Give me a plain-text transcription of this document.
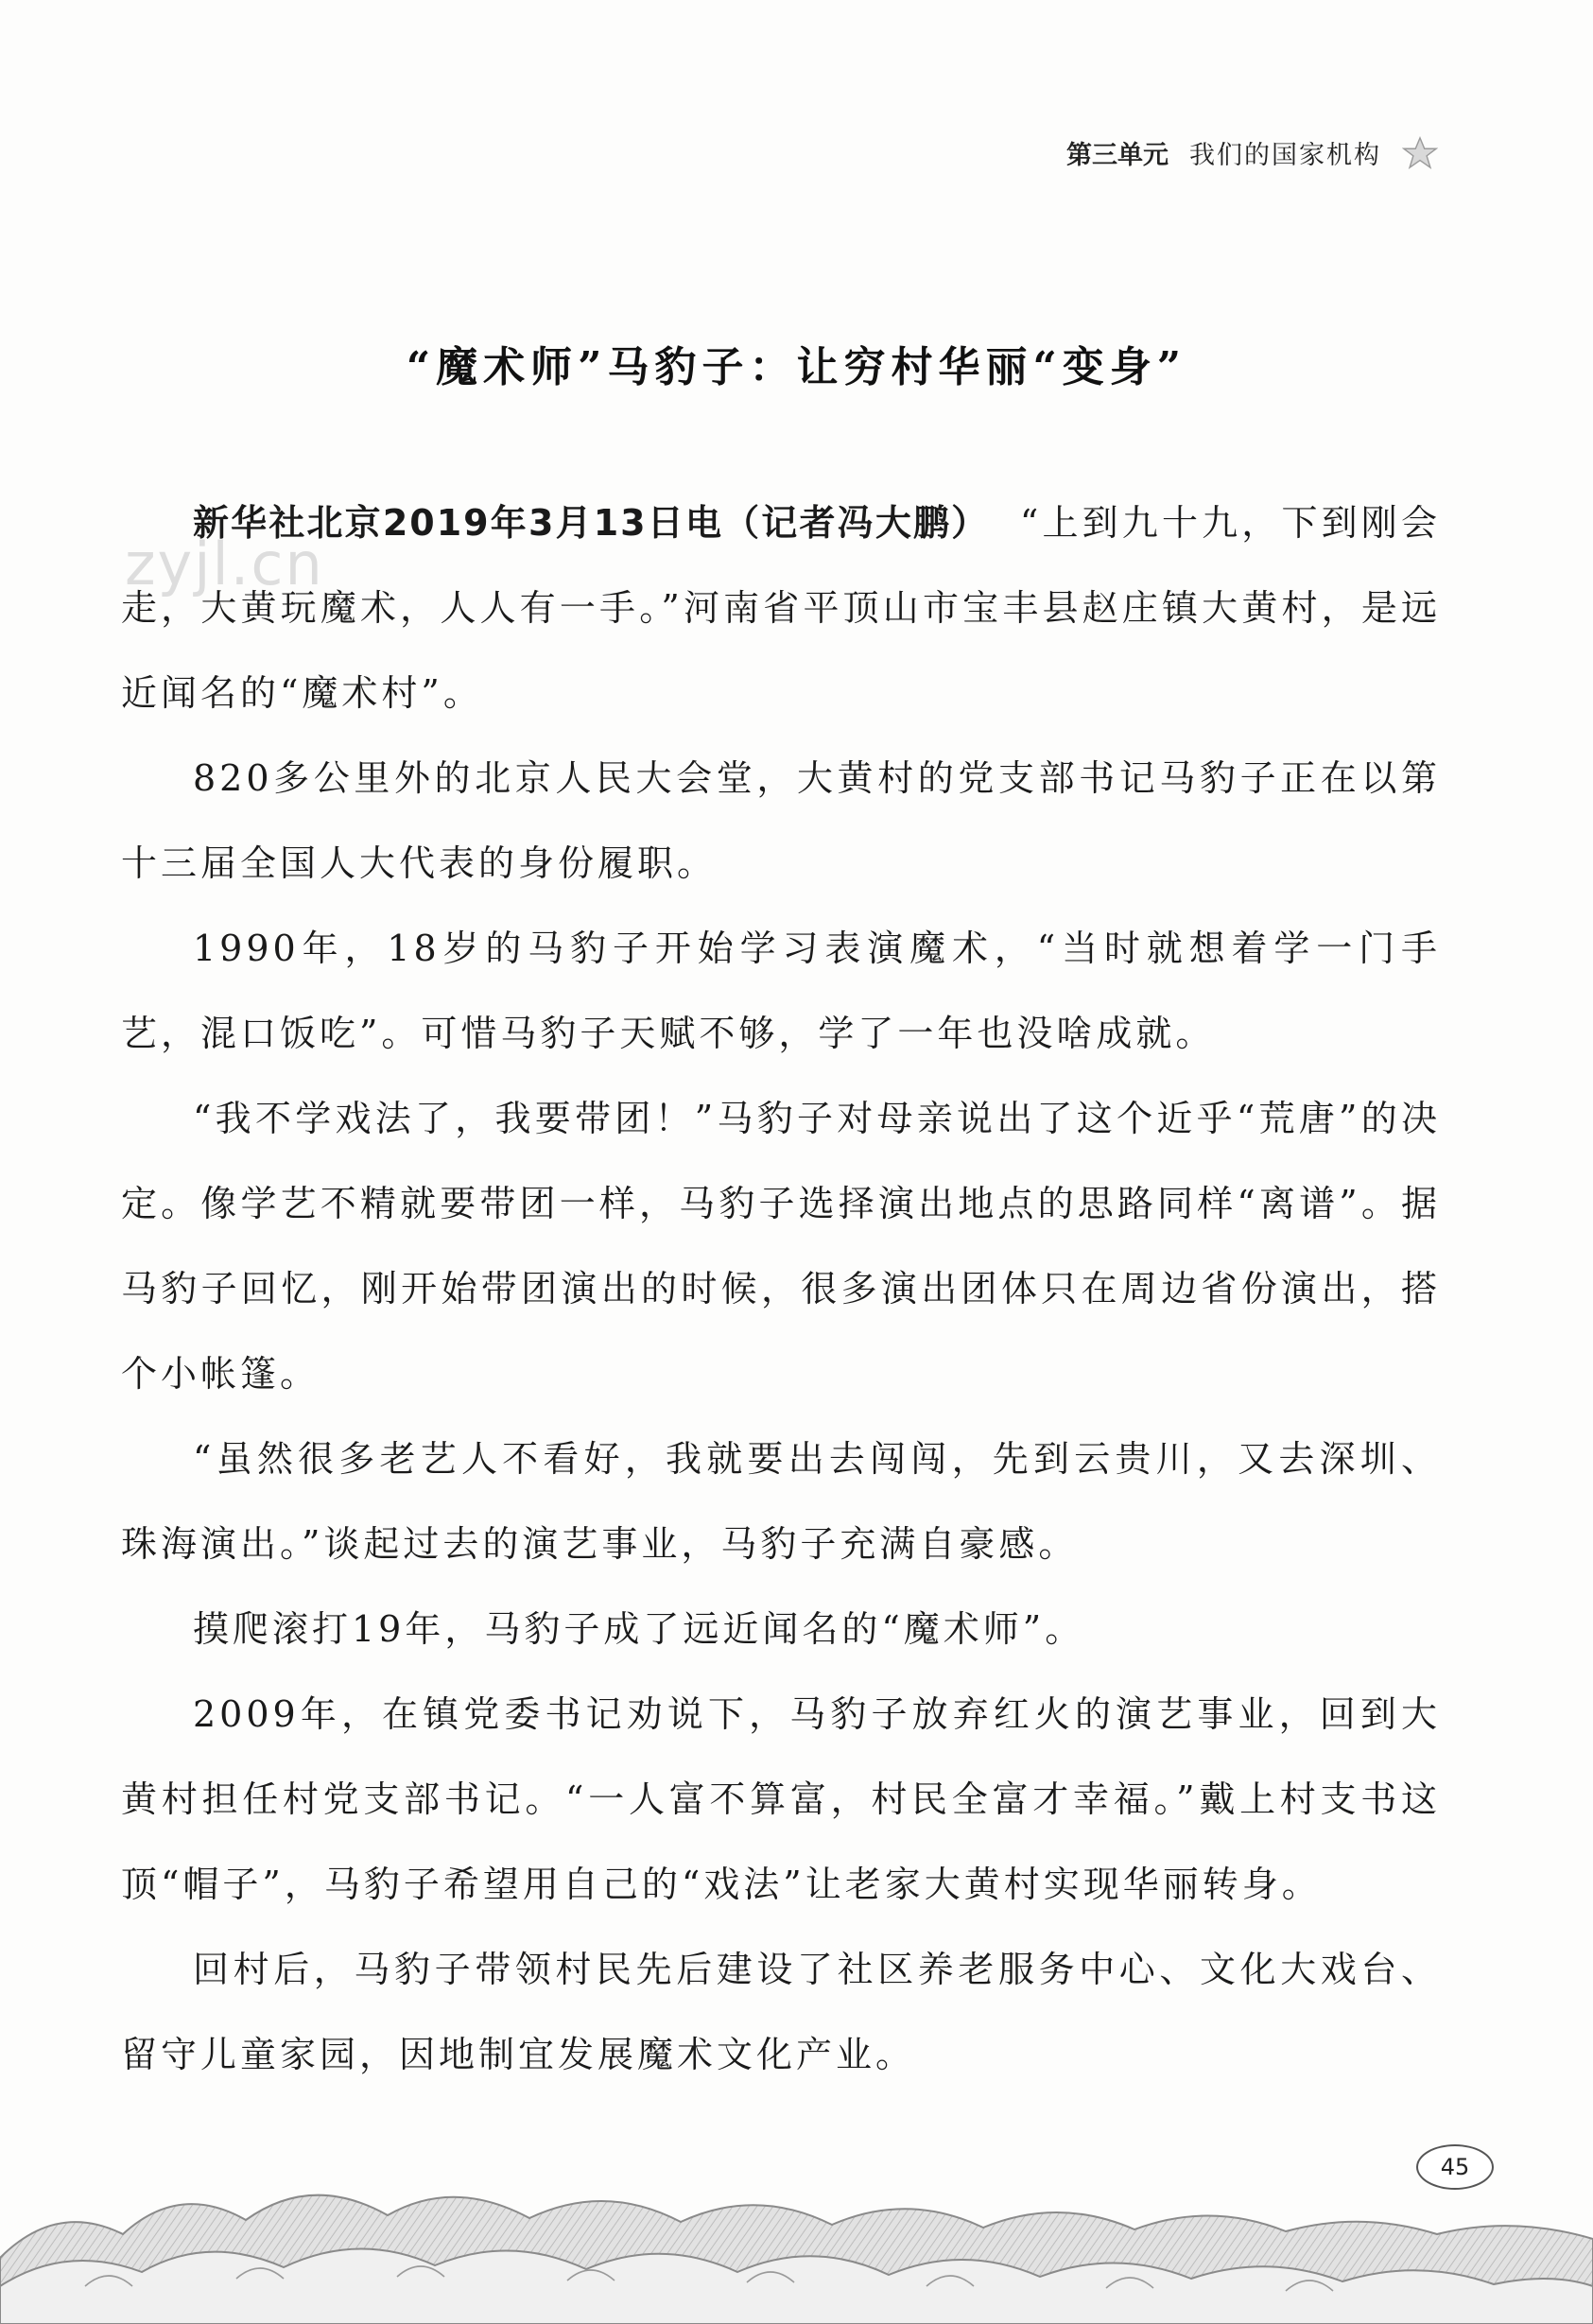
第三单元 我们的国家机构
zyjl.cn
“魔术师”马豹子：让穷村华丽“变身”

新华社北京2019年3月13日电（记者冯大鹏） “上到九十九，下到刚会走，大黄玩魔术，人人有一手。”河南省平顶山市宝丰县赵庄镇大黄村，是远近闻名的“魔术村”。

820多公里外的北京人民大会堂，大黄村的党支部书记马豹子正在以第十三届全国人大代表的身份履职。

1990年，18岁的马豹子开始学习表演魔术，“当时就想着学一门手艺，混口饭吃”。可惜马豹子天赋不够，学了一年也没啥成就。

“我不学戏法了，我要带团！”马豹子对母亲说出了这个近乎“荒唐”的决定。像学艺不精就要带团一样，马豹子选择演出地点的思路同样“离谱”。据马豹子回忆，刚开始带团演出的时候，很多演出团体只在周边省份演出，搭个小帐篷。

“虽然很多老艺人不看好，我就要出去闯闯，先到云贵川，又去深圳、珠海演出。”谈起过去的演艺事业，马豹子充满自豪感。

摸爬滚打19年，马豹子成了远近闻名的“魔术师”。

2009年，在镇党委书记劝说下，马豹子放弃红火的演艺事业，回到大黄村担任村党支部书记。“一人富不算富，村民全富才幸福。”戴上村支书这顶“帽子”，马豹子希望用自己的“戏法”让老家大黄村实现华丽转身。

回村后，马豹子带领村民先后建设了社区养老服务中心、文化大戏台、留守儿童家园，因地制宜发展魔术文化产业。

45
